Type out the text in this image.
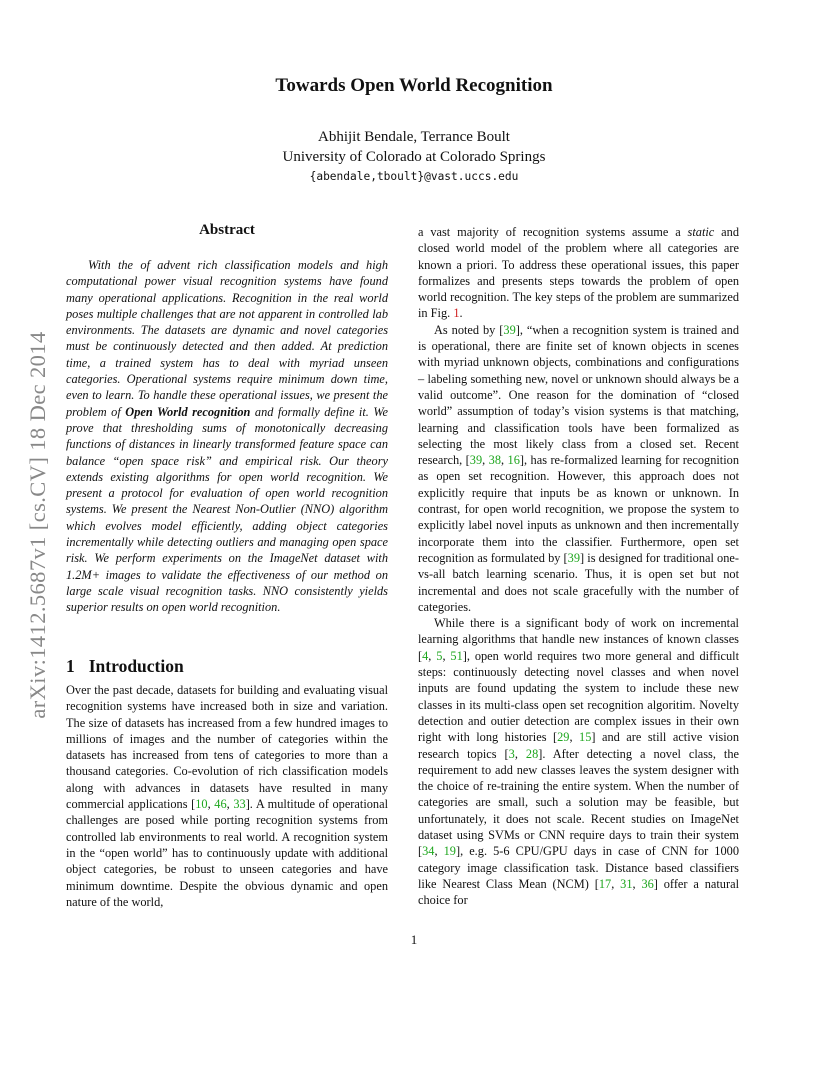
arXiv:1412.5687v1 [cs.CV] 18 Dec 2014
Towards Open World Recognition
Abhijit Bendale, Terrance Boult
University of Colorado at Colorado Springs
{abendale,tboult}@vast.uccs.edu
Abstract

With the of advent rich classification models and high computational power visual recognition systems have found many operational applications. Recognition in the real world poses multiple challenges that are not apparent in controlled lab environments. The datasets are dynamic and novel categories must be continuously detected and then added. At prediction time, a trained system has to deal with myriad unseen categories. Operational systems require minimum down time, even to learn. To handle these operational issues, we present the problem of Open World recognition and formally define it. We prove that thresholding sums of monotonically decreasing functions of distances in linearly transformed feature space can balance “open space risk” and empirical risk. Our theory extends existing algorithms for open world recognition. We present a protocol for evaluation of open world recognition systems. We present the Nearest Non-Outlier (NNO) algorithm which evolves model efficiently, adding object categories incrementally while detecting outliers and managing open space risk. We perform experiments on the ImageNet dataset with 1.2M+ images to validate the effectiveness of our method on large scale visual recognition tasks. NNO consistently yields superior results on open world recognition.

1 Introduction

Over the past decade, datasets for building and evaluating visual recognition systems have increased both in size and variation. The size of datasets has increased from a few hundred images to millions of images and the number of categories within the datasets has increased from tens of categories to more than a thousand categories. Co-evolution of rich classification models along with advances in datasets have resulted in many commercial applications [10, 46, 33]. A multitude of operational challenges are posed while porting recognition systems from controlled lab environments to real world. A recognition system in the “open world” has to continuously update with additional object categories, be robust to unseen categories and have minimum downtime. Despite the obvious dynamic and open nature of the world,

a vast majority of recognition systems assume a static and closed world model of the problem where all categories are known a priori. To address these operational issues, this paper formalizes and presents steps towards the problem of open world recognition. The key steps of the problem are summarized in Fig. 1.

As noted by [39], “when a recognition system is trained and is operational, there are finite set of known objects in scenes with myriad unknown objects, combinations and configurations – labeling something new, novel or unknown should always be a valid outcome”. One reason for the domination of “closed world” assumption of today’s vision systems is that matching, learning and classification tools have been formalized as selecting the most likely class from a closed set. Recent research, [39, 38, 16], has re-formalized learning for recognition as open set recognition. However, this approach does not explicitly require that inputs be as known or unknown. In contrast, for open world recognition, we propose the system to explicitly label novel inputs as unknown and then incrementally incorporate them into the classifier. Furthermore, open set recognition as formulated by [39] is designed for traditional one-vs-all batch learning scenario. Thus, it is open set but not incremental and does not scale gracefully with the number of categories.

While there is a significant body of work on incremental learning algorithms that handle new instances of known classes [4, 5, 51], open world requires two more general and difficult steps: continuously detecting novel classes and when novel inputs are found updating the system to include these new classes in its multi-class open set recognition algoritim. Novelty detection and outier detection are complex issues in their own right with long histories [29, 15] and are still active vision research topics [3, 28]. After detecting a novel class, the requirement to add new classes leaves the system designer with the choice of re-training the entire system. When the number of categories are small, such a solution may be feasible, but unfortunately, it does not scale. Recent studies on ImageNet dataset using SVMs or CNN require days to train their system [34, 19], e.g. 5-6 CPU/GPU days in case of CNN for 1000 category image classification task. Distance based classifiers like Nearest Class Mean (NCM) [17, 31, 36] offer a natural choice for

1
